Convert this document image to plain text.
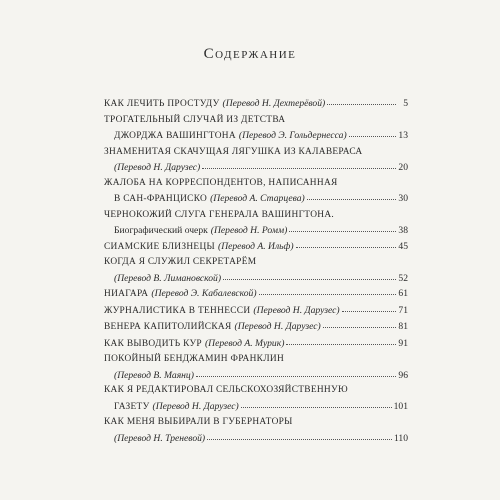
Содержание
КАК ЛЕЧИТЬ ПРОСТУДУ (Перевод Н. Дехтерёвой)	5
ТРОГАТЕЛЬНЫЙ СЛУЧАЙ ИЗ ДЕТСТВА
ДЖОРДЖА ВАШИНГТОНА (Перевод Э. Гольдернесса)	13
ЗНАМЕНИТАЯ СКАЧУЩАЯ ЛЯГУШКА ИЗ КАЛАВЕРАСА
(Перевод Н. Дарузес)	20
ЖАЛОБА НА КОРРЕСПОНДЕНТОВ, НАПИСАННАЯ
В САН-ФРАНЦИСКО (Перевод А. Старцева)	30
ЧЕРНОКОЖИЙ СЛУГА ГЕНЕРАЛА ВАШИНГТОНА.
Биографический очерк (Перевод Н. Ромм)	38
СИАМСКИЕ БЛИЗНЕЦЫ (Перевод А. Ильф)	45
КОГДА Я СЛУЖИЛ СЕКРЕТАРЁМ
(Перевод В. Лимановской)	52
НИАГАРА (Перевод Э. Кабалевской)	61
ЖУРНАЛИСТИКА В ТЕННЕССИ (Перевод Н. Дарузес)	71
ВЕНЕРА КАПИТОЛИЙСКАЯ (Перевод Н. Дарузес)	81
КАК ВЫВОДИТЬ КУР (Перевод А. Мурик)	91
ПОКОЙНЫЙ БЕНДЖАМИН ФРАНКЛИН
(Перевод В. Маянц)	96
КАК Я РЕДАКТИРОВАЛ СЕЛЬСКОХОЗЯЙСТВЕННУЮ
ГАЗЕТУ (Перевод Н. Дарузес)	101
КАК МЕНЯ ВЫБИРАЛИ В ГУБЕРНАТОРЫ
(Перевод Н. Треневой)	110
